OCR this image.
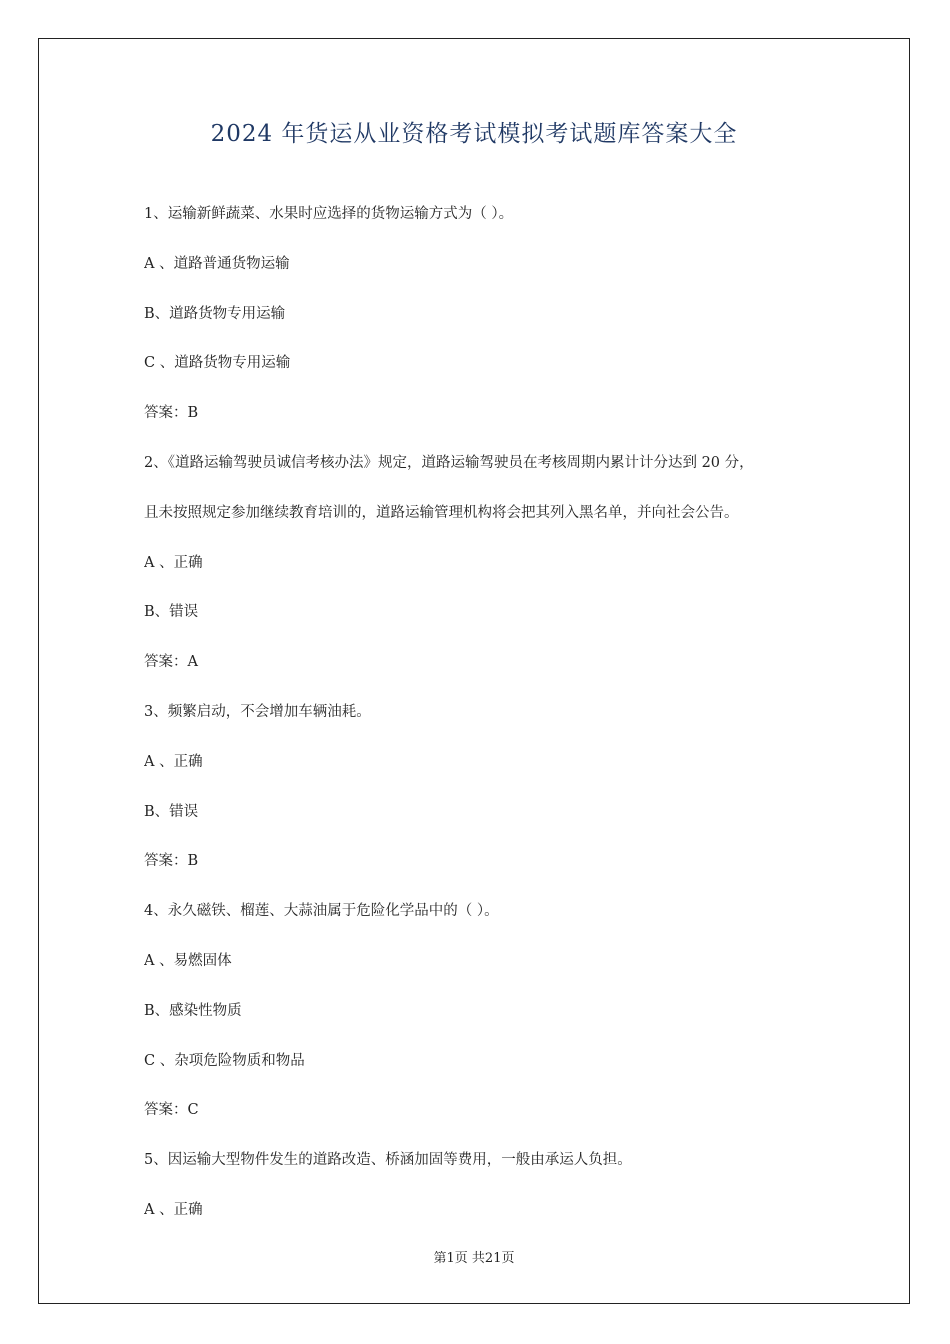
2024 年货运从业资格考试模拟考试题库答案大全
1、运输新鲜蔬菜、水果时应选择的货物运输方式为（ ）。
A 、道路普通货物运输
B、道路货物专用运输
C 、道路货物专用运输
答案：B
2、《道路运输驾驶员诚信考核办法》规定，道路运输驾驶员在考核周期内累计计分达到 20 分，
且未按照规定参加继续教育培训的，道路运输管理机构将会把其列入黑名单，并向社会公告。
A 、正确
B、错误
答案：A
3、频繁启动，不会增加车辆油耗。
A 、正确
B、错误
答案：B
4、永久磁铁、榴莲、大蒜油属于危险化学品中的（ ）。
A 、易燃固体
B、感染性物质
C 、杂项危险物质和物品
答案：C
5、因运输大型物件发生的道路改造、桥涵加固等费用，一般由承运人负担。
A 、正确
第1页 共21页
